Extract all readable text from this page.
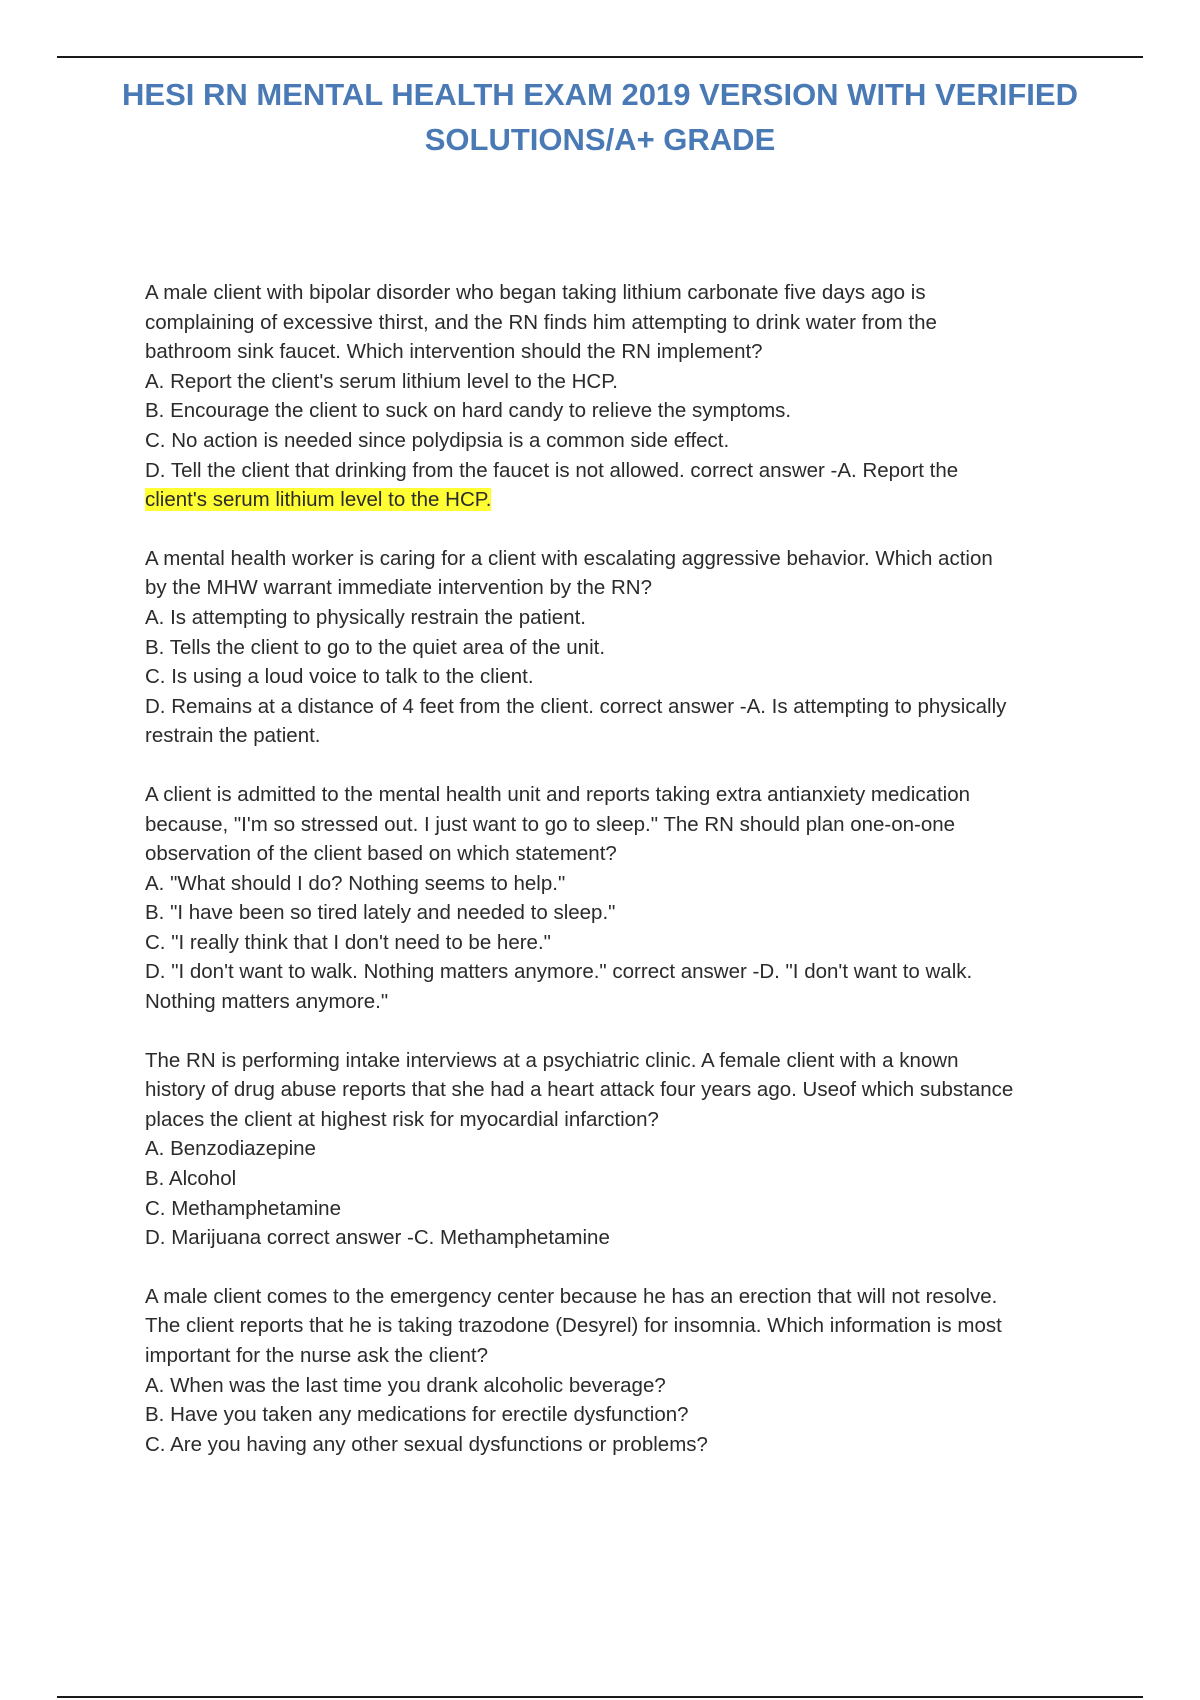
HESI RN MENTAL HEALTH EXAM 2019 VERSION WITH VERIFIED
SOLUTIONS/A+ GRADE
A male client with bipolar disorder who began taking lithium carbonate five days ago is
complaining of excessive thirst, and the RN finds him attempting to drink water from the
bathroom sink faucet. Which intervention should the RN implement?
A. Report the client's serum lithium level to the HCP.
B. Encourage the client to suck on hard candy to relieve the symptoms.
C. No action is needed since polydipsia is a common side effect.
D. Tell the client that drinking from the faucet is not allowed. correct answer -A. Report the
client's serum lithium level to the HCP.
A mental health worker is caring for a client with escalating aggressive behavior. Which action
by the MHW warrant immediate intervention by the RN?
A. Is attempting to physically restrain the patient.
B. Tells the client to go to the quiet area of the unit.
C. Is using a loud voice to talk to the client.
D. Remains at a distance of 4 feet from the client. correct answer -A. Is attempting to physically
restrain the patient.
A client is admitted to the mental health unit and reports taking extra antianxiety medication
because, "I'm so stressed out. I just want to go to sleep." The RN should plan one-on-one
observation of the client based on which statement?
A. "What should I do? Nothing seems to help."
B. "I have been so tired lately and needed to sleep."
C. "I really think that I don't need to be here."
D. "I don't want to walk. Nothing matters anymore." correct answer -D. "I don't want to walk.
Nothing matters anymore."
The RN is performing intake interviews at a psychiatric clinic. A female client with a known
history of drug abuse reports that she had a heart attack four years ago. Useof which substance
places the client at highest risk for myocardial infarction?
A. Benzodiazepine
B. Alcohol
C. Methamphetamine
D. Marijuana correct answer -C. Methamphetamine
A male client comes to the emergency center because he has an erection that will not resolve.
The client reports that he is taking trazodone (Desyrel) for insomnia. Which information is most
important for the nurse ask the client?
A. When was the last time you drank alcoholic beverage?
B. Have you taken any medications for erectile dysfunction?
C. Are you having any other sexual dysfunctions or problems?
